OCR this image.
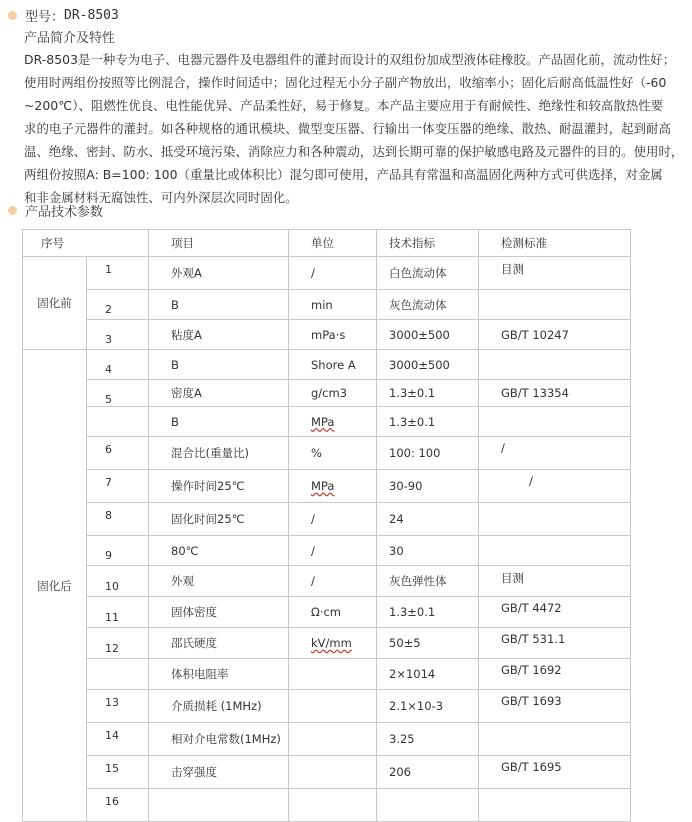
型号： DR-8503
产品简介及特性
DR-8503是一种专为电子、电器元器件及电器组件的灌封而设计的双组份加成型液体硅橡胶。产品固化前，流动性好；
使用时两组份按照等比例混合，操作时间适中；固化过程无小分子副产物放出，收缩率小；固化后耐高低温性好（-60
~200℃）、阻燃性优良、电性能优异、产品柔性好，易于修复。本产品主要应用于有耐候性、绝缘性和较高散热性要
求的电子元器件的灌封。如各种规格的通讯模块、微型变压器、行输出一体变压器的绝缘、散热、耐温灌封，起到耐高
温、绝缘、密封、防水、抵受环境污染、消除应力和各种震动，达到长期可靠的保护敏感电路及元器件的目的。使用时，
两组份按照A: B=100: 100（重量比或体积比）混匀即可使用，产品具有常温和高温固化两种方式可供选择，对金属
和非金属材料无腐蚀性、可内外深层次同时固化。
产品技术参数
序号		项目	单位	技术指标	检测标准
固化前	1	外观A	/	白色流动体	目测
	2	B	min	灰色流动体	
	3	粘度A	mPa·s	3000±500	GB/T 10247
固化后	4	B	Shore A	3000±500	
	5	密度A	g/cm3	1.3±0.1	GB/T 13354
		B	MPa	1.3±0.1	
	6	混合比(重量比)	%	100: 100	/
	7	操作时间25℃	MPa	30-90	/
	8	固化时间25℃	/	24	
	9	80℃	/	30	
	10	外观	/	灰色弹性体	目测
	11	固体密度	Ω·cm	1.3±0.1	GB/T 4472
	12	邵氏硬度	kV/mm	50±5	GB/T 531.1
		体积电阻率		2×1014	GB/T 1692
	13	介质损耗 (1MHz)		2.1×10-3	GB/T 1693
	14	相对介电常数(1MHz)		3.25	
	15	击穿强度		206	GB/T 1695
	16				
